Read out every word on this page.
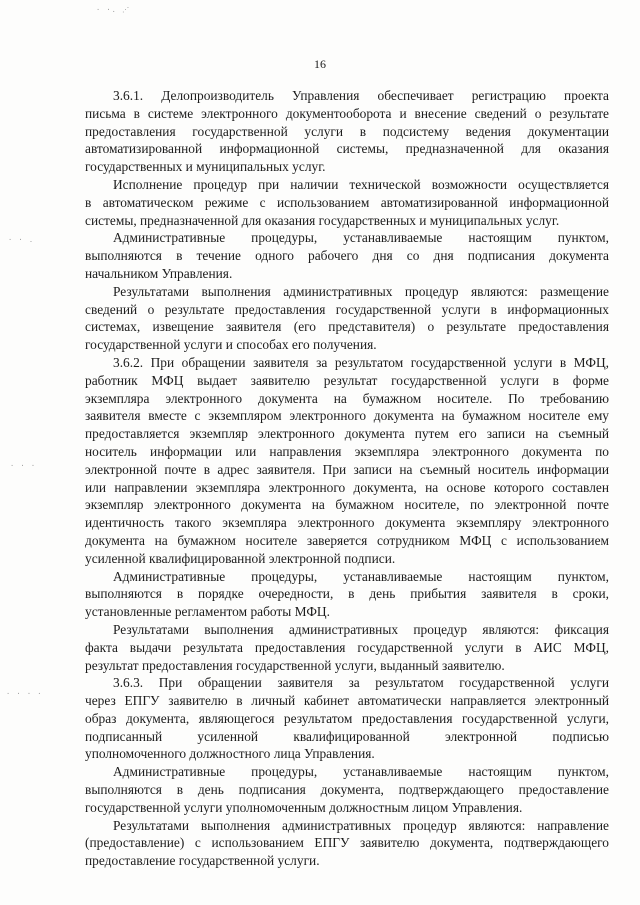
· ·. ⋰
· · .
· · ·
· · · ·
16

3.6.1. Делопроизводитель Управления обеспечивает регистрацию проекта
письма в системе электронного документооборота и внесение сведений о результате
предоставления государственной услуги в подсистему ведения документации
автоматизированной информационной системы, предназначенной для оказания
государственных и муниципальных услуг.

Исполнение процедур при наличии технической возможности осуществляется
в автоматическом режиме с использованием автоматизированной информационной
системы, предназначенной для оказания государственных и муниципальных услуг.

Административные процедуры, устанавливаемые настоящим пунктом,
выполняются в течение одного рабочего дня со дня подписания документа
начальником Управления.

Результатами выполнения административных процедур являются: размещение
сведений о результате предоставления государственной услуги в информационных
системах, извещение заявителя (его представителя) о результате предоставления
государственной услуги и способах его получения.

3.6.2. При обращении заявителя за результатом государственной услуги в МФЦ,
работник МФЦ выдает заявителю результат государственной услуги в форме
экземпляра электронного документа на бумажном носителе. По требованию
заявителя вместе с экземпляром электронного документа на бумажном носителе ему
предоставляется экземпляр электронного документа путем его записи на съемный
носитель информации или направления экземпляра электронного документа по
электронной почте в адрес заявителя. При записи на съемный носитель информации
или направлении экземпляра электронного документа, на основе которого составлен
экземпляр электронного документа на бумажном носителе, по электронной почте
идентичность такого экземпляра электронного документа экземпляру электронного
документа на бумажном носителе заверяется сотрудником МФЦ с использованием
усиленной квалифицированной электронной подписи.

Административные процедуры, устанавливаемые настоящим пунктом,
выполняются в порядке очередности, в день прибытия заявителя в сроки,
установленные регламентом работы МФЦ.

Результатами выполнения административных процедур являются: фиксация
факта выдачи результата предоставления государственной услуги в АИС МФЦ,
результат предоставления государственной услуги, выданный заявителю.

3.6.3. При обращении заявителя за результатом государственной услуги
через ЕПГУ заявителю в личный кабинет автоматически направляется электронный
образ документа, являющегося результатом предоставления государственной услуги,
подписанный усиленной квалифицированной электронной подписью
уполномоченного должностного лица Управления.

Административные процедуры, устанавливаемые настоящим пунктом,
выполняются в день подписания документа, подтверждающего предоставление
государственной услуги уполномоченным должностным лицом Управления.

Результатами выполнения административных процедур являются: направление
(предоставление) с использованием ЕПГУ заявителю документа, подтверждающего
предоставление государственной услуги.
